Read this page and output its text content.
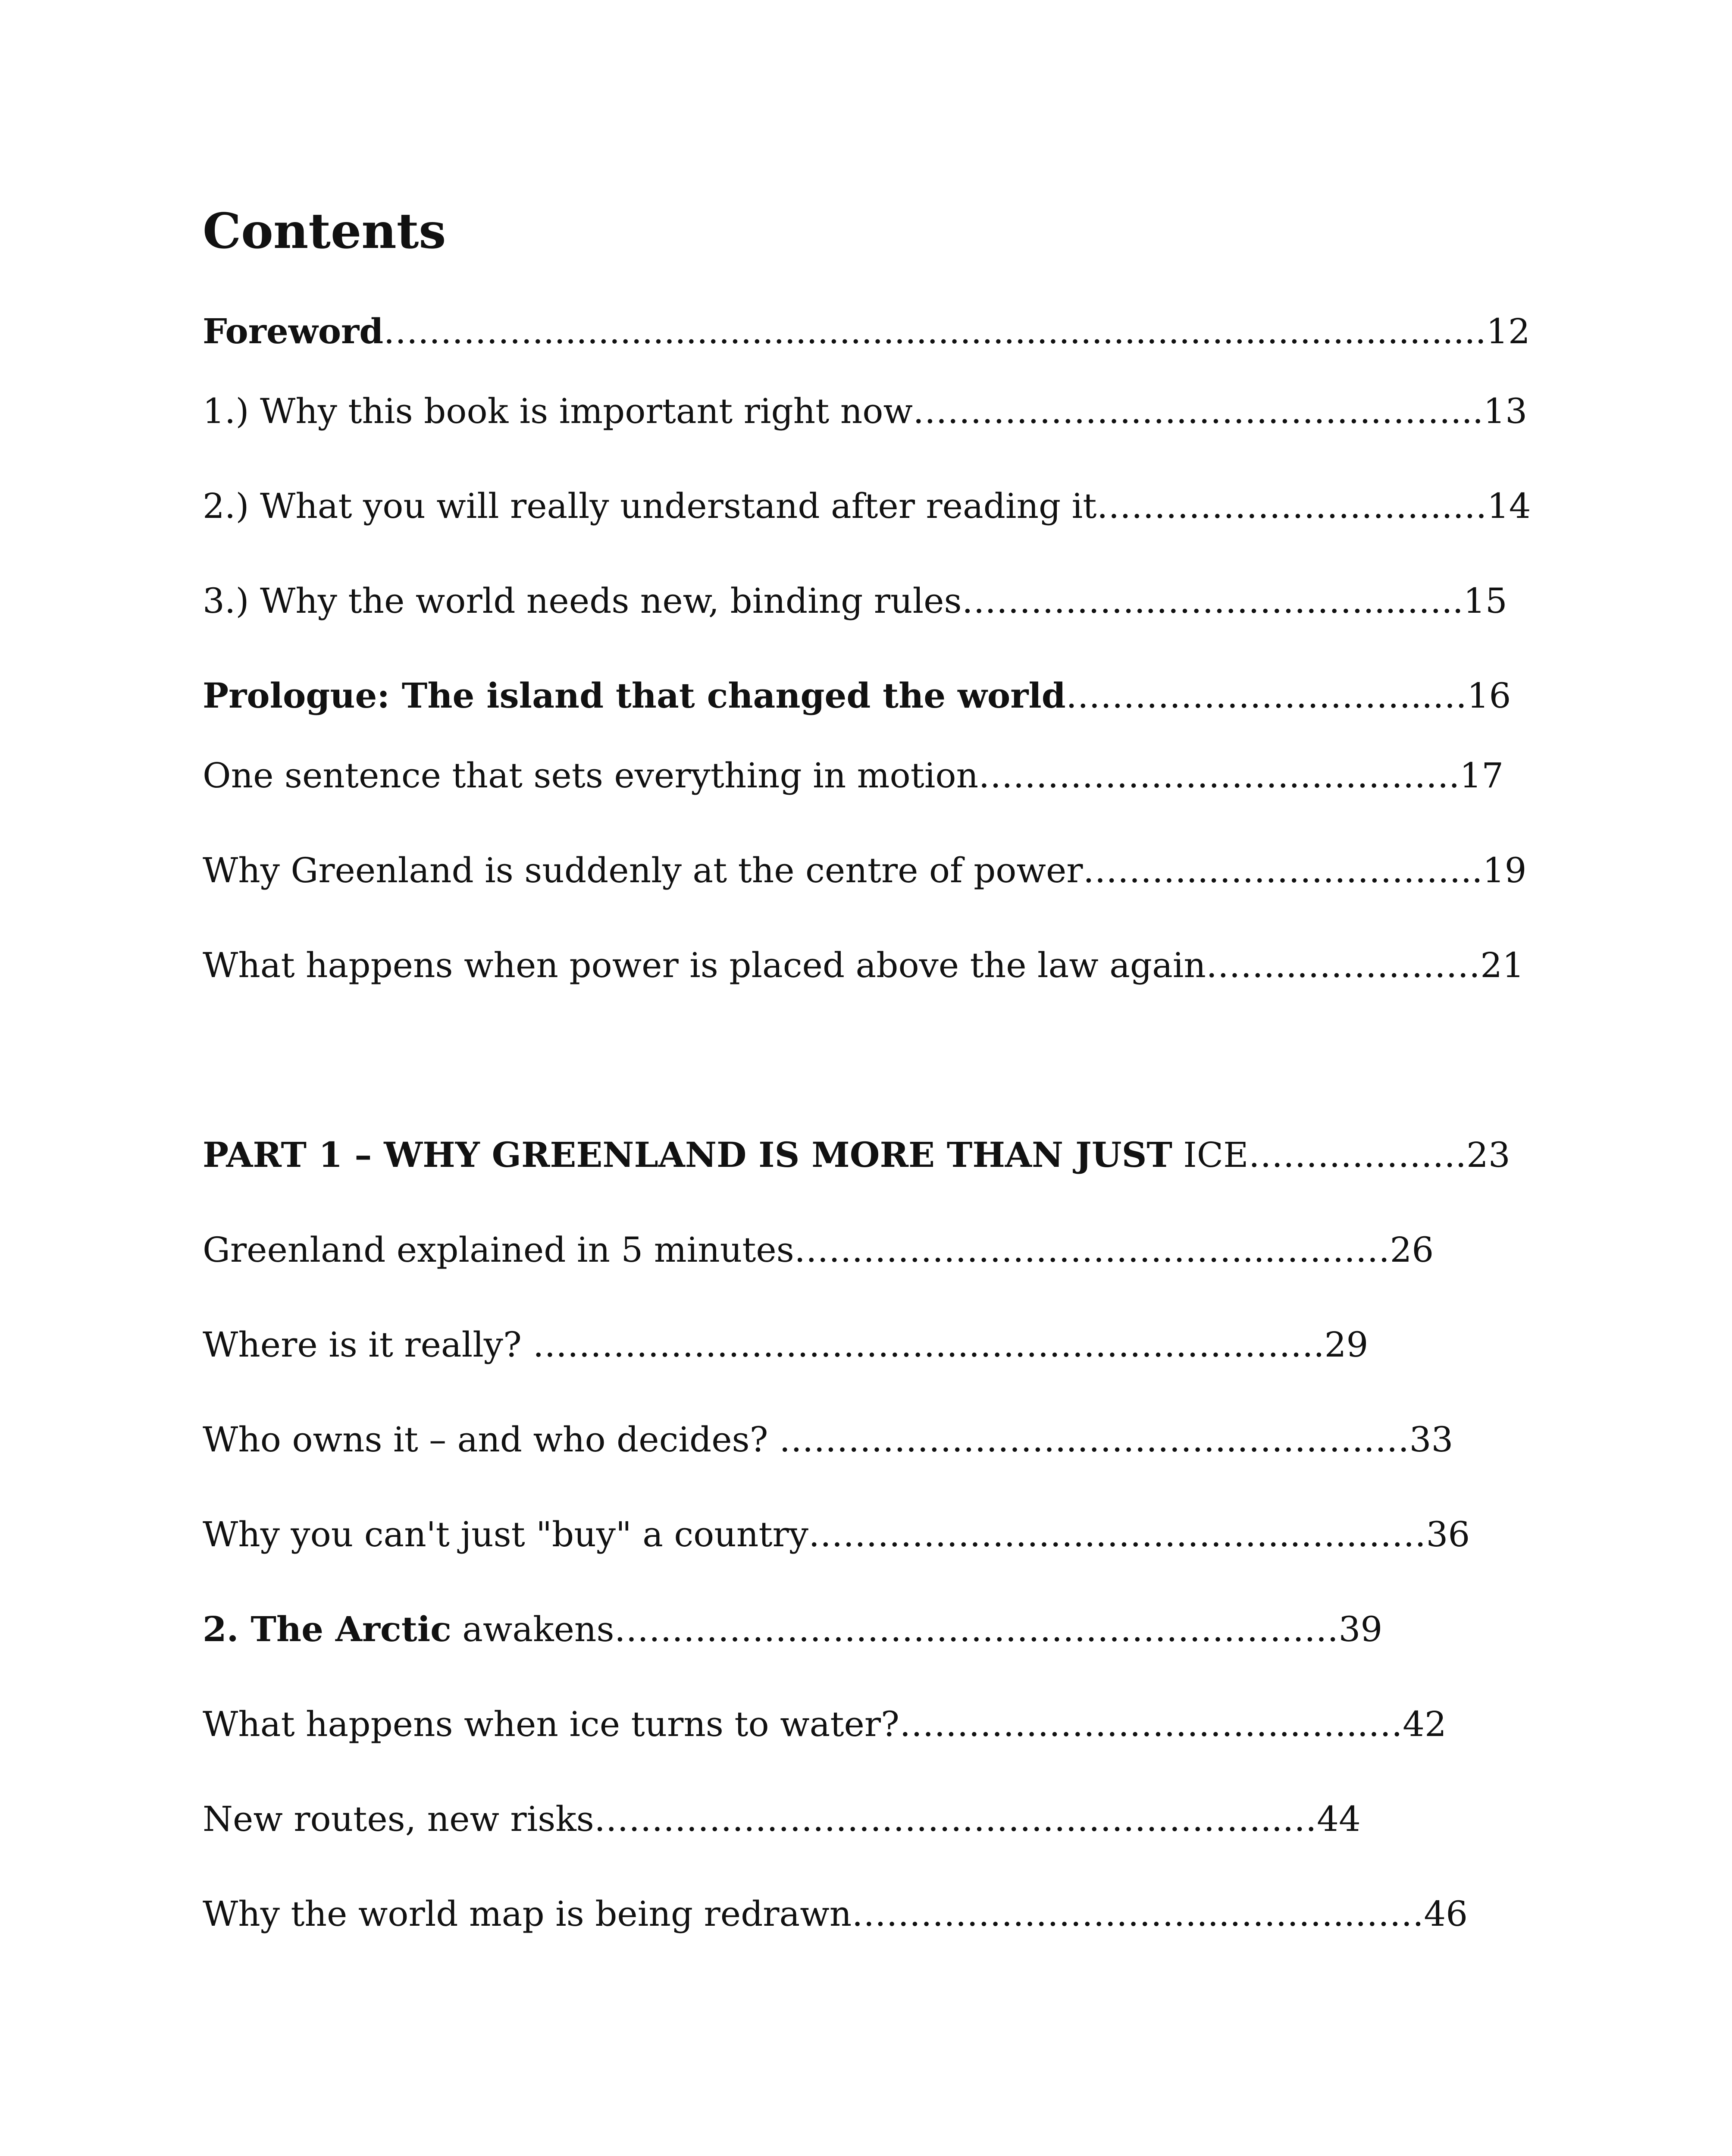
Contents
Foreword….……….......................................................................................12
1.) Why this book is important right now………………..….……………..……...13
2.) What you will really understand after reading it………………………….…14
3.) Why the world needs new, binding rules……………..………………....…..15
Prologue: The island that changed the world…………………………..…16
One sentence that sets everything in motion……………………….….……….17
Why Greenland is suddenly at the centre of power………...…………………..19
What happens when power is placed above the law again……...……………21
PART 1 – WHY GREENLAND IS MORE THAN JUST ICE……………….23
Greenland explained in 5 minutes…………………………………...….……26
Where is it really? ………………………………..………………………….29
Who owns it – and who decides? ……………………..…………..……………33
Why you can't just "buy" a country…………………….……………...…..……36
2. The Arctic awakens………………………………………………………39
What happens when ice turns to water?……………………………...…..…42
New routes, new risks…………………………………………………...…44
Why the world map is being redrawn…………………………...………..……46
